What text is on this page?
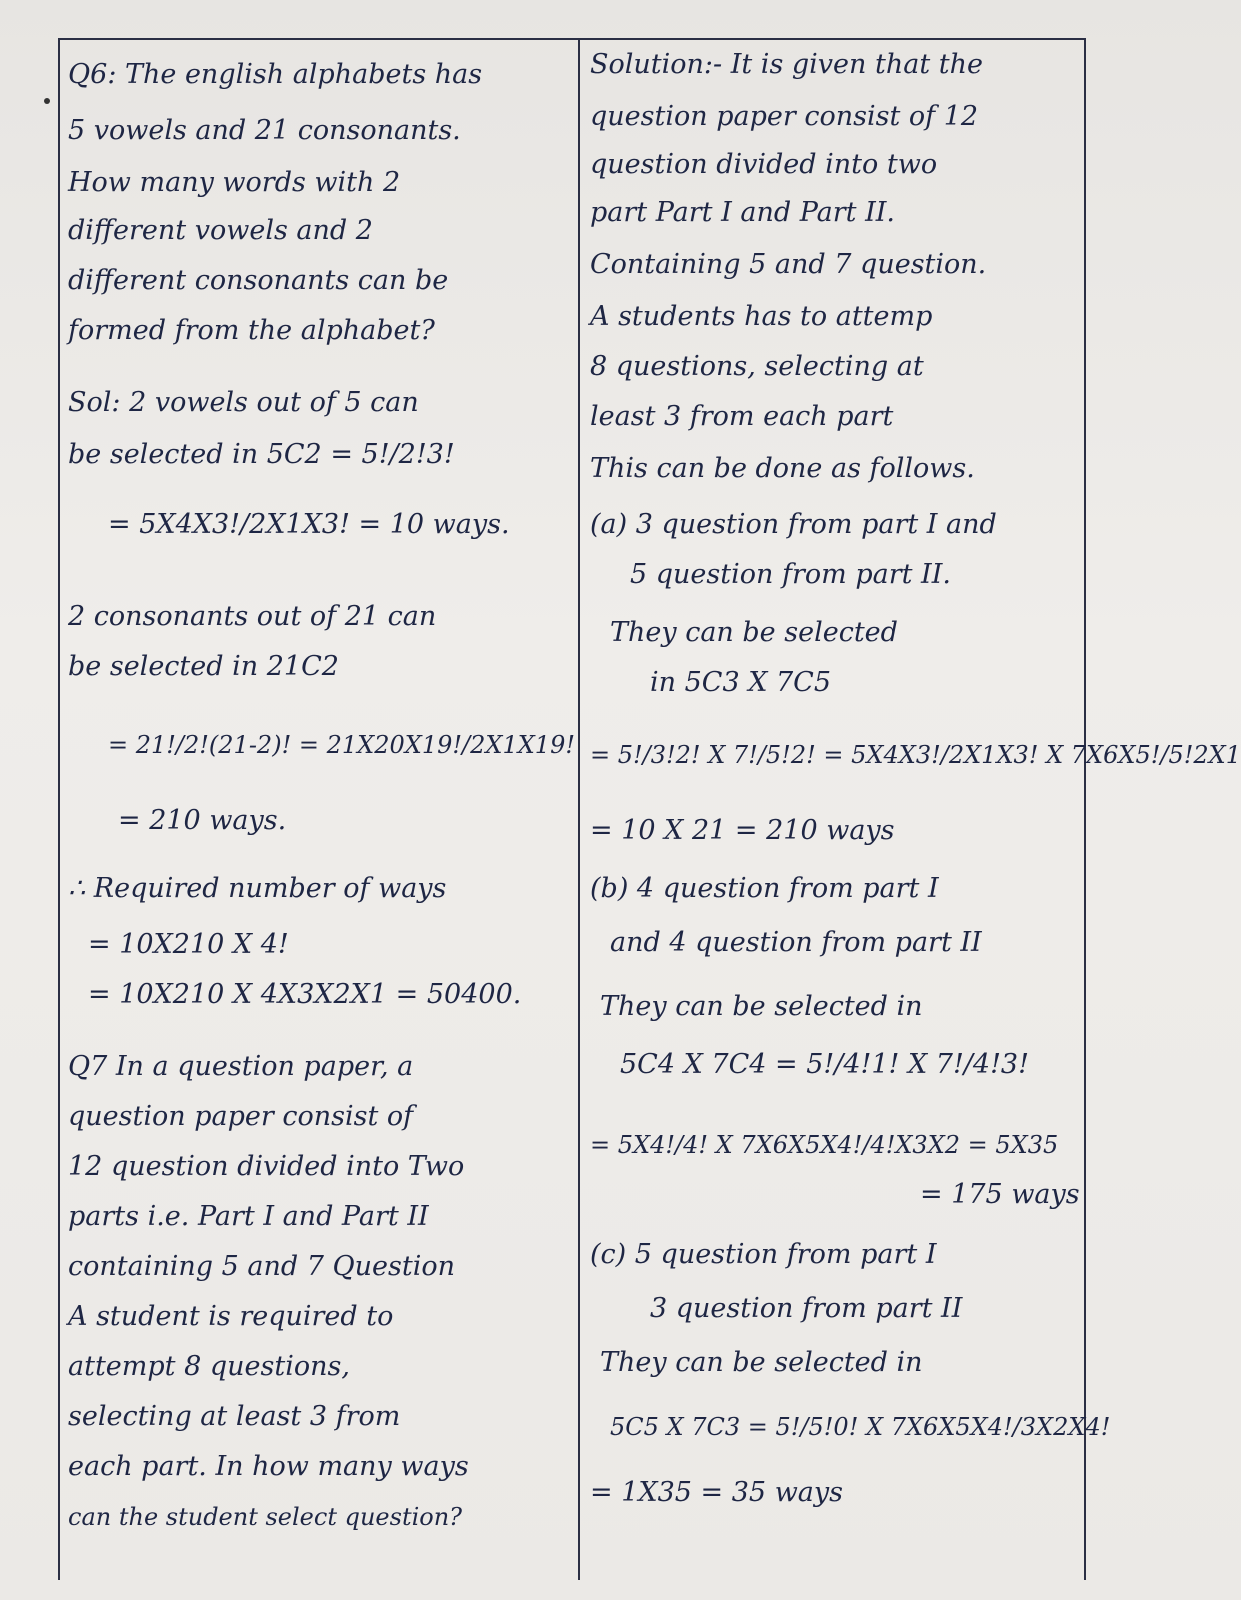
Q6: The english alphabets has
5 vowels and 21 consonants.
How many words with 2
different vowels and 2
different consonants can be
formed from the alphabet?
Sol: 2 vowels out of 5 can
be selected in 5C2 = 5!/2!3!
= 5X4X3!/2X1X3! = 10 ways.
2 consonants out of 21 can
be selected in 21C2
= 21!/2!(21-2)! = 21X20X19!/2X1X19!
= 210 ways.
∴ Required number of ways
= 10X210 X 4!
= 10X210 X 4X3X2X1 = 50400.
Q7 In a question paper, a
question paper consist of
12 question divided into Two
parts i.e. Part I and Part II
containing 5 and 7 Question
A student is required to
attempt 8 questions,
selecting at least 3 from
each part. In how many ways
can the student select question?
Solution:- It is given that the
question paper consist of 12
question divided into two
part Part I and Part II.
Containing 5 and 7 question.
A students has to attemp
8 questions, selecting at
least 3 from each part
This can be done as follows.
(a) 3 question from part I and
5 question from part II.
They can be selected
in 5C3 X 7C5
= 5!/3!2! X 7!/5!2! = 5X4X3!/2X1X3! X 7X6X5!/5!2X1
= 10 X 21 = 210 ways
(b) 4 question from part I
and 4 question from part II
They can be selected in
5C4 X 7C4 = 5!/4!1! X 7!/4!3!
= 5X4!/4! X 7X6X5X4!/4!X3X2 = 5X35
= 175 ways
(c) 5 question from part I
3 question from part II
They can be selected in
5C5 X 7C3 = 5!/5!0! X 7X6X5X4!/3X2X4!
= 1X35 = 35 ways
